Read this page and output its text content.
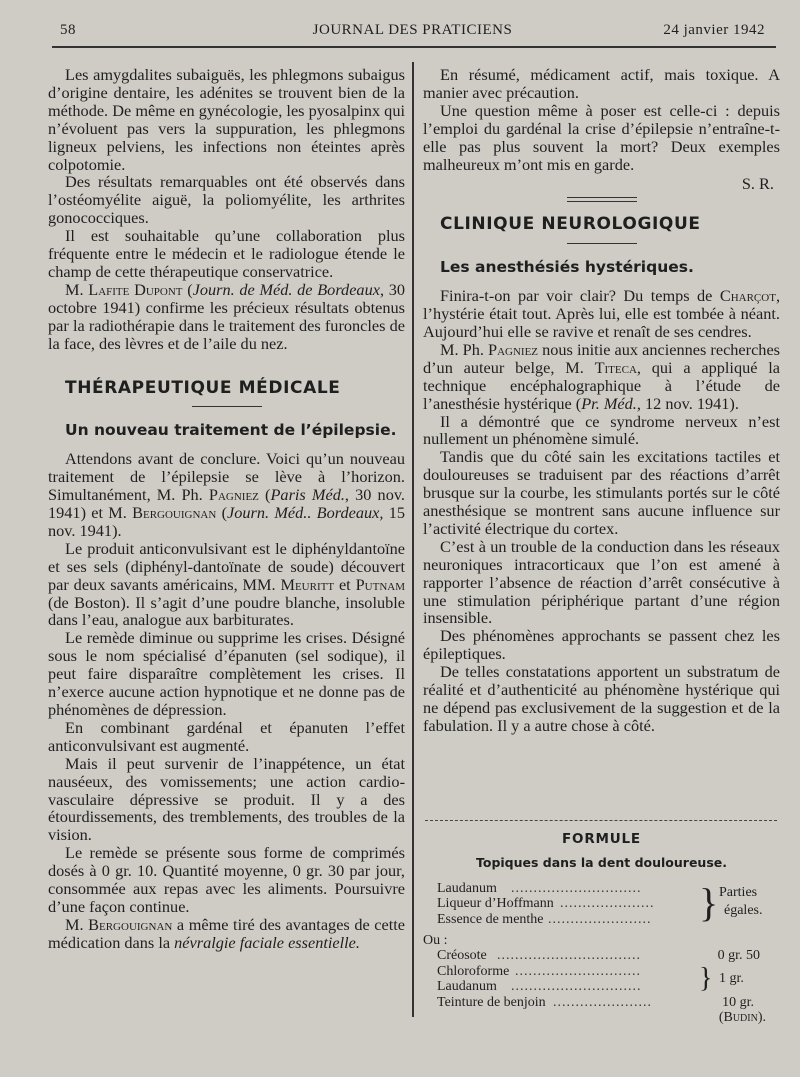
58	JOURNAL DES PRATICIENS	24 janvier 1942

Les amygdalites subaiguës, les phlegmons subaigus d’origine dentaire, les adénites se trouvent bien de la méthode. De même en gynécologie, les pyosalpinx qui n’évoluent pas vers la suppuration, les phlegmons ligneux pelviens, les infections non éteintes après colpotomie.

Des résultats remarquables ont été observés dans l’ostéomyélite aiguë, la poliomyélite, les arthrites gonococciques.

Il est souhaitable qu’une collaboration plus fréquente entre le médecin et le radiologue étende le champ de cette thérapeutique conservatrice.

M. Lafite Dupont (Journ. de Méd. de Bordeaux, 30 octobre 1941) confirme les précieux résultats obtenus par la radiothérapie dans le traitement des furoncles de la face, des lèvres et de l’aile du nez.

THÉRAPEUTIQUE MÉDICALE

Un nouveau traitement de l’épilepsie.

Attendons avant de conclure. Voici qu’un nouveau traitement de l’épilepsie se lève à l’horizon. Simultanément, M. Ph. Pagniez (Paris Méd., 30 nov. 1941) et M. Bergouignan (Journ. Méd.. Bordeaux, 15 nov. 1941).

Le produit anticonvulsivant est le diphényldantoïne et ses sels (diphényl-dantoïnate de soude) découvert par deux savants américains, MM. Meuritt et Putnam (de Boston). Il s’agit d’une poudre blanche, insoluble dans l’eau, analogue aux barbiturates.

Le remède diminue ou supprime les crises. Désigné sous le nom spécialisé d’épanuten (sel sodique), il peut faire disparaître complètement les crises. Il n’exerce aucune action hypnotique et ne donne pas de phénomènes de dépression.

En combinant gardénal et épanuten l’effet anticonvulsivant est augmenté.

Mais il peut survenir de l’inappétence, un état nauséeux, des vomissements; une action cardio-vasculaire dépressive se produit. Il y a des étourdissements, des tremblements, des troubles de la vision.

Le remède se présente sous forme de comprimés dosés à 0 gr. 10. Quantité moyenne, 0 gr. 30 par jour, consommée aux repas avec les aliments. Poursuivre d’une façon continue.

M. Bergouignan a même tiré des avantages de cette médication dans la névralgie faciale essentielle.

En résumé, médicament actif, mais toxique. A manier avec précaution.

Une question même à poser est celle-ci : depuis l’emploi du gardénal la crise d’épilepsie n’entraîne-t-elle pas plus souvent la mort? Deux exemples malheureux m’ont mis en garde.

S. R.

CLINIQUE NEUROLOGIQUE

Les anesthésiés hystériques.

Finira-t-on par voir clair? Du temps de Charçot, l’hystérie était tout. Après lui, elle est tombée à néant. Aujourd’hui elle se ravive et renaît de ses cendres.

M. Ph. Pagniez nous initie aux anciennes recherches d’un auteur belge, M. Titeca, qui a appliqué la technique encéphalographique à l’étude de l’anesthésie hystérique (Pr. Méd., 12 nov. 1941).

Il a démontré que ce syndrome nerveux n’est nullement un phénomène simulé.

Tandis que du côté sain les excitations tactiles et douloureuses se traduisent par des réactions d’arrêt brusque sur la courbe, les stimulants portés sur le côté anesthésique se montrent sans aucune influence sur l’activité électrique du cortex.

C’est à un trouble de la conduction dans les réseaux neuroniques intracorticaux que l’on est amené à rapporter l’absence de réaction d’arrêt consécutive à une stimulation périphérique partant d’une région insensible.

Des phénomènes approchants se passent chez les épileptiques.

De telles constatations apportent un substratum de réalité et d’authenticité au phénomène hystérique qui ne dépend pas exclusivement de la suggestion et de la fabulation. Il y a autre chose à côté.

FORMULE

Topiques dans la dent douloureuse.

Laudanum .............................
Liqueur d’Hoffmann .....................
Essence de menthe .......................	} Parties
égales.
Ou :
Créosote ................................	0 gr. 50
Chloroforme ............................
Laudanum .............................	} 1 gr.
Teinture de benjoin ......................	10 gr.
(Budin).
